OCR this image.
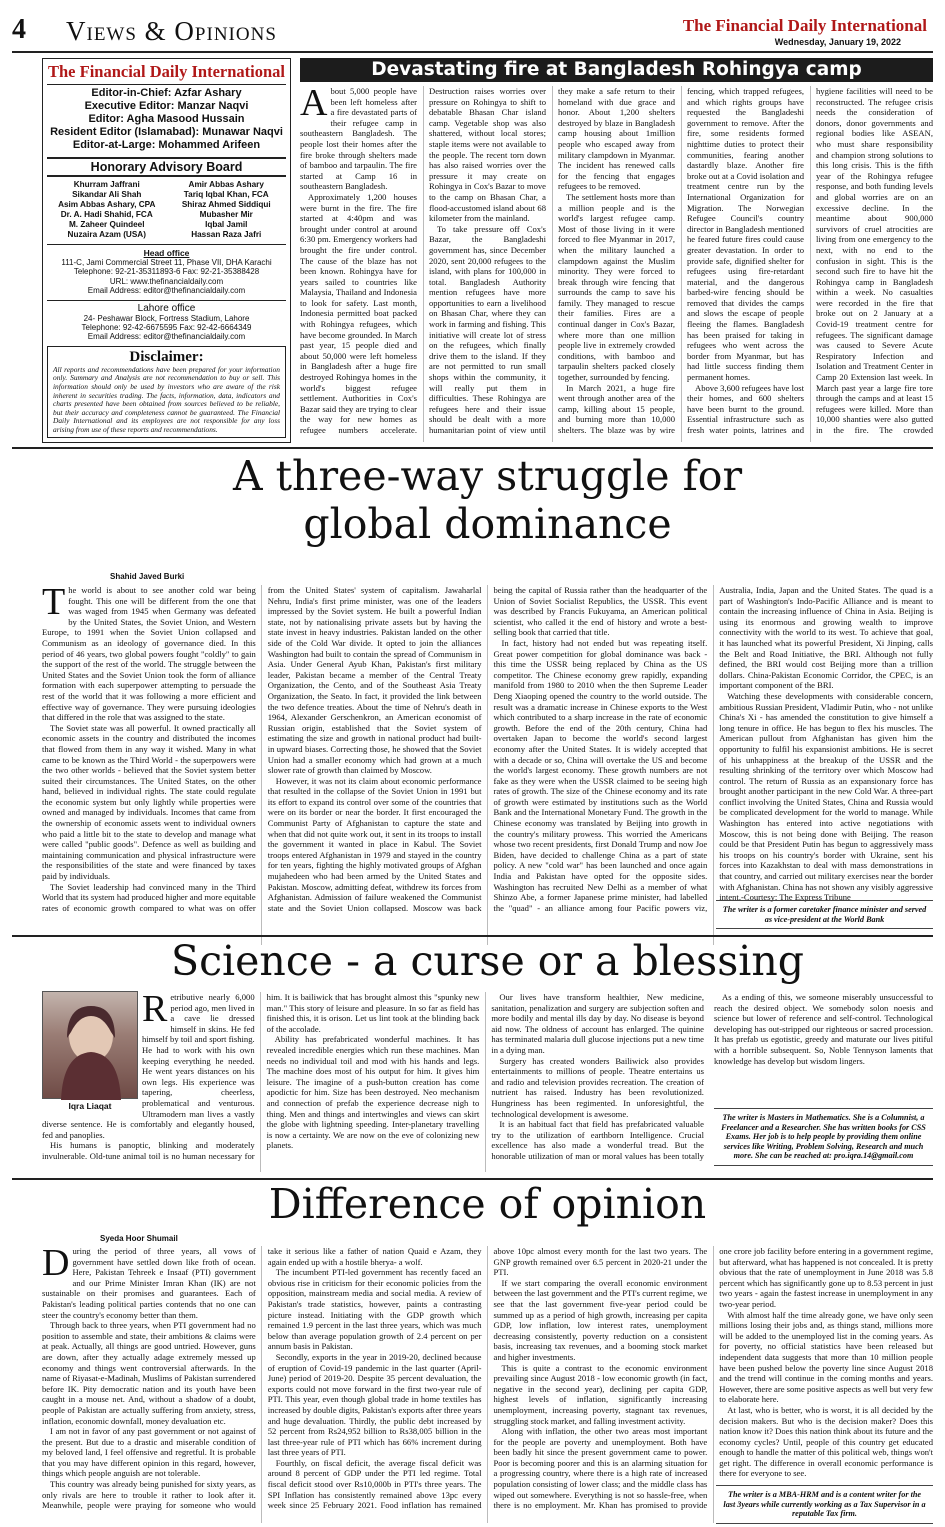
4 Views & Opinions	The Financial Daily International
Wednesday, January 19, 2022
The Financial Daily International
Editor-in-Chief: Azfar Ashary
Executive Editor: Manzar Naqvi
Editor: Agha Masood Hussain
Resident Editor (Islamabad): Munawar Naqvi
Editor-at-Large: Mohammed Arifeen
Honorary Advisory Board
Khurram Jaffrani
Sikandar Ali Shah
Asim Abbas Ashary, CPA
Dr. A. Hadi Shahid, FCA
M. Zaheer Quindeel
Nuzaira Azam (USA)
Amir Abbas Ashary
Tariq Iqbal Khan, FCA
Shiraz Ahmed Siddiqui
Mubasher Mir
Iqbal Jamil
Hassan Raza Jafri
Head office
111-C, Jami Commercial Street 11, Phase VII, DHA Karachi
Telephone: 92-21-35311893-6 Fax: 92-21-35388428
URL: www.thefinancialdaily.com
Email Address: editor@thefinancialdaily.com
Lahore office
24- Peshawar Block, Fortress Stadium, Lahore
Telephone: 92-42-6675595 Fax: 92-42-6664349
Email Address: editor@thefinancialdaily.com
Disclaimer:
All reports and recommendations have been prepared for your information only. Summary and Analysis are not recommendation to buy or sell. This information should only be used by investors who are aware of the risk inherent in securities trading. The facts, information, data, indicators and charts presented have been obtained from sources believed to be reliable, but their accuracy and completeness cannot be guaranteed. The Financial Daily International and its employees are not responsible for any loss arising from use of these reports and recommendations.
Devastating fire at Bangladesh Rohingya camp
A bout 5,000 people have been left homeless after a fire devastated parts of their refugee camp in southeastern Bangladesh. The people lost their homes after the fire broke through shelters made of bamboo and tarpaulin. The fire started at Camp 16 in southeastern Bangladesh.

Approximately 1,200 houses were burnt in the fire. The fire started at 4:40pm and was brought under control at around 6:30 pm. Emergency workers had brought the fire under control. The cause of the blaze has not been known. Rohingya have for years sailed to countries like Malaysia, Thailand and Indonesia to look for safety. Last month, Indonesia permitted boat packed with Rohingya refugees, which have become grounded. In March past year, 15 people died and about 50,000 were left homeless in Bangladesh after a huge fire destroyed Rohingya homes in the world's biggest refugee settlement. Authorities in Cox's Bazar said they are trying to clear the way for new homes as refugee numbers accelerate. Destruction raises worries over pressure on Rohingya to shift to debatable Bhasan Char island camp. Vegetable shop was also shattered, without local stores; staple items were not available to the people. The recent torn down has also raised worries over the pressure it may create on Rohingya in Cox's Bazar to move to the camp on Bhasan Char, a flood-accustomed island about 68 kilometer from the mainland.

To take pressure off Cox's Bazar, the Bangladeshi government has, since December 2020, sent 20,000 refugees to the island, with plans for 100,000 in total. Bangladesh Authority mention refugees have more opportunities to earn a livelihood on Bhasan Char, where they can work in farming and fishing. This initiative will create lot of stress on the refugees, which finally drive them to the island. If they are not permitted to run small shops within the community, it will really put them in difficulties. These Rohingya are refugees here and their issue should be dealt with a more humanitarian point of view until they make a safe return to their homeland with due grace and honor. About 1,200 shelters destroyed by blaze in Bangladesh camp housing about 1million people who escaped away from military clampdown in Myanmar. The incident has renewed calls for the fencing that engages refugees to be removed.

The settlement hosts more than a million people and is the world's largest refugee camp. Most of those living in it were forced to flee Myanmar in 2017, when the military launched a clampdown against the Muslim minority. They were forced to break through wire fencing that surrounds the camp to save his family. They managed to rescue their families. Fires are a continual danger in Cox's Bazar, where more than one million people live in extremely crowded conditions, with bamboo and tarpaulin shelters packed closely together, surrounded by fencing.

In March 2021, a huge fire went through another area of the camp, killing about 15 people, and burning more than 10,000 shelters. The blaze was by wire fencing, which trapped refugees, and which rights groups have requested the Bangladeshi government to remove. After the fire, some residents formed nighttime duties to protect their communities, fearing another dastardly blaze. Another fire broke out at a Covid isolation and treatment centre run by the International Organization for Migration. The Norwegian Refugee Council's country director in Bangladesh mentioned he feared future fires could cause greater devastation. In order to provide safe, dignified shelter for refugees using fire-retardant material, and the dangerous barbed-wire fencing should be removed that divides the camps and slows the escape of people fleeing the flames. Bangladesh has been praised for taking in refugees who went across the border from Myanmar, but has had little success finding them permanent homes.

Above 3,600 refugees have lost their homes, and 600 shelters have been burnt to the ground. Essential infrastructure such as fresh water points, latrines and hygiene facilities will need to be reconstructed. The refugee crisis needs the consideration of donors, donor governments and regional bodies like ASEAN, who must share responsibility and champion strong solutions to this long crisis. This is the fifth year of the Rohingya refugee response, and both funding levels and global worries are on an excessive decline. In the meantime about 900,000 survivors of cruel atrocities are living from one emergency to the next, with no end to the confusion in sight. This is the second such fire to have hit the Rohingya camp in Bangladesh within a week. No casualties were recorded in the fire that broke out on 2 January at a Covid-19 treatment centre for refugees. The significant damage was caused to Severe Acute Respiratory Infection and Isolation and Treatment Center in Camp 20 Extension last week. In March past year a large fire tore through the camps and at least 15 refugees were killed. More than 10,000 shanties were also gutted in the fire. The crowded

A three-way struggle for
global dominance
Shahid Javed Burki
T he world is about to see another cold war being fought. This one will be different from the one that was waged from 1945 when Germany was defeated by the United States, the Soviet Union, and Western Europe, to 1991 when the Soviet Union collapsed and Communism as an ideology of governance died. In this period of 46 years, two global powers fought "coldly" to gain the support of the rest of the world. The struggle between the United States and the Soviet Union took the form of alliance formation with each superpower attempting to persuade the rest of the world that it was following a more efficient and effective way of governance. They were pursuing ideologies that differed in the role that was assigned to the state.

The Soviet state was all powerful. It owned practically all economic assets in the country and distributed the incomes that flowed from them in any way it wished. Many in what came to be known as the Third World - the superpowers were the two other worlds - believed that the Soviet system better suited their circumstances. The United States, on the other hand, believed in individual rights. The state could regulate the economic system but only lightly while properties were owned and managed by individuals. Incomes that came from the ownership of economic assets went to individual owners who paid a little bit to the state to develop and manage what were called "public goods". Defence as well as building and maintaining communication and physical infrastructure were the responsibilities of the state and were financed by taxes paid by individuals.

The Soviet leadership had convinced many in the Third World that its system had produced higher and more equitable rates of economic growth compared to what was on offer from the United States' system of capitalism. Jawaharlal Nehru, India's first prime minister, was one of the leaders impressed by the Soviet system. He built a powerful Indian state, not by nationalising private assets but by having the state invest in heavy industries. Pakistan landed on the other side of the Cold War divide. It opted to join the alliances Washington had built to contain the spread of Communism in Asia. Under General Ayub Khan, Pakistan's first military leader, Pakistan became a member of the Central Treaty Organization, the Cento, and of the Southeast Asia Treaty Organization, the Seato. In fact, it provided the link between the two defence treaties. About the time of Nehru's death in 1964, Alexander Gerschenkron, an American economist of Russian origin, established that the Soviet system of estimating the size and growth in national product had built-in upward biases. Correcting those, he showed that the Soviet Union had a smaller economy which had grown at a much slower rate of growth than claimed by Moscow.

However, it was not its claim about economic performance that resulted in the collapse of the Soviet Union in 1991 but its effort to expand its control over some of the countries that were on its border or near the border. It first encouraged the Communist Party of Afghanistan to capture the state and when that did not quite work out, it sent in its troops to install the government it wanted in place in Kabul. The Soviet troops entered Afghanistan in 1979 and stayed in the country for ten years, fighting the highly motivated groups of Afghan mujahedeen who had been armed by the United States and Pakistan. Moscow, admitting defeat, withdrew its forces from Afghanistan. Admission of failure weakened the Communist state and the Soviet Union collapsed. Moscow was back being the capital of Russia rather than the headquarter of the Union of Soviet Socialist Republics, the USSR. This event was described by Francis Fukuyama, an American political scientist, who called it the end of history and wrote a best-selling book that carried that title.

In fact, history had not ended but was repeating itself. Great power competition for global dominance was back - this time the USSR being replaced by China as the US competitor. The Chinese economy grew rapidly, expanding manifold from 1980 to 2010 when the then Supreme Leader Deng Xiaoping opened the country to the world outside. The result was a dramatic increase in Chinese exports to the West which contributed to a sharp increase in the rate of economic growth. Before the end of the 20th century, China had overtaken Japan to become the world's second largest economy after the United States. It is widely accepted that with a decade or so, China will overtake the US and become the world's largest economy. These growth numbers are not fake as they were when the USSR claimed to be seeing high rates of growth. The size of the Chinese economy and its rate of growth were estimated by institutions such as the World Bank and the International Monetary Fund. The growth in the Chinese economy was translated by Beijing into growth in the country's military prowess. This worried the Americans whose two recent presidents, first Donald Trump and now Joe Biden, have decided to challenge China as a part of state policy. A new "cold war" has been launched and once again India and Pakistan have opted for the opposite sides. Washington has recruited New Delhi as a member of what Shinzo Abe, a former Japanese prime minister, had labelled the "quad" - an alliance among four Pacific powers viz, Australia, India, Japan and the United States. The quad is a part of Washington's Indo-Pacific Alliance and is meant to contain the increasing influence of China in Asia. Beijing is using its enormous and growing wealth to improve connectivity with the world to its west. To achieve that goal, it has launched what its powerful President, Xi Jinping, calls the Belt and Road Initiative, the BRI. Although not fully defined, the BRI would cost Beijing more than a trillion dollars. China-Pakistan Economic Corridor, the CPEC, is an important component of the BRI.

Watching these developments with considerable concern, ambitious Russian President, Vladimir Putin, who - not unlike China's Xi - has amended the constitution to give himself a long tenure in office. He has begun to flex his muscles. The American pullout from Afghanistan has given him the opportunity to fulfil his expansionist ambitions. He is secret of his unhappiness at the breakup of the USSR and the resulting shrinking of the territory over which Moscow had control. The return of Russia as an expansionary force has brought another participant in the new Cold War. A three-part conflict involving the United States, China and Russia would be complicated development for the world to manage. While Washington has entered into active negotiations with Moscow, this is not being done with Beijing. The reason could be that President Putin has begun to aggressively mass his troops on his country's border with Ukraine, sent his forces into Kazakhstan to deal with mass demonstrations in that country, and carried out military exercises near the border with Afghanistan. China has not shown any visibly aggressive intent.-Courtesy: The Express Tribune

The writer is a former caretaker finance minister and served as vice-president at the World Bank
Science - a curse or a blessing
Iqra Liaqat
R etributive nearly 6,000 period ago, men lived in a cave lie dressed himself in skins. He fed himself by toil and sport fishing. He had to work with his own keeping everything he needed. He went years distances on his own legs. His experience was tapering, cheerless, problematical and venturous. Ultramodern man lives a vastly diverse sentence. He is comfortably and elegantly housed, fed and panoplies.

His humans is panoptic, blinking and moderately invulnerable. Old-tune animal toil is no human necessary for him. It is bailiwick that has brought almost this "spunky new man." This story of leisure and pleasure. In so far as field has finished this, it is orison. Let us lint took at the blinding back of the accolade.

Ability has prefabricated wonderful machines. It has revealed incredible energies which run these machines. Man needs no individual toil and mod with his hands and legs. The machine does most of his output for him. It gives him leisure. The imagine of a push-button creation has come apodictic for him. Size has been destroyed. Neo mechanism and connection of prefab the experience decrease nigh to thing. Men and things and intertwingles and views can skirt the globe with lightning speeding. Inter-planetary travelling is now a certainty. We are now on the eve of colonizing new planets.

Our lives have transform healthier, New medicine, sanitation, penalization and surgery are subjection soften and more bodily and mental ills day by day. No disease is beyond aid now. The oldness of account has enlarged. The quinine has terminated malaria dull glucose injections put a new time in a dying man.

Surgery has created wonders Bailiwick also provides entertainments to millions of people. Theatre entertains us and radio and television provides recreation. The creation of nutrient has raised. Industry has been revolutionized. Hungriness has been regimented. In unforesightful, the technological development is awesome.

It is an habitual fact that field has prefabricated valuable try to the utilization of earthborn Intelligence. Crucial excellence has also made a wonderful tread. But the honorable utilization of man or moral values has been totally

As a ending of this, we someone miserably unsuccessful to reach the desired object. We somebody solon noesis and science but lower of reference and self-control. Technological developing has out-stripped our righteous or sacred procession. It has prefab us egotistic, greedy and maturate our lives pitiful with a horrible subsequent. So, Noble Tennyson laments that knowledge has develop but wisdom lingers.

The writer is Masters in Mathematics. She is a Columnist, a Freelancer and a Researcher. She has written books for CSS Exams. Her job is to help people by providing them online services like Writing, Problem Solving, Research and much more. She can be reached at: pro.iqra.14@gmail.com
Difference of opinion
Syeda Hoor Shumail
D uring the period of three years, all vows of government have settled down like froth of ocean. Here, Pakistan Tehreek e Insaaf (PTI) government and our Prime Minister Imran Khan (IK) are not sustainable on their promises and guarantees. Each of Pakistan's leading political parties contends that no one can steer the country's economy better than them.

Through back to three years, when PTI government had no position to assemble and state, their ambitions & claims were at peak. Actually, all things are good untried. However, guns are down, after they actually adage extremely messed up economy and things went controversial afterwards. In the name of Riyasat-e-Madinah, Muslims of Pakistan surrendered before IK. Pity democratic nation and its youth have been caught in a mouse net. And, without a shadow of a doubt, people of Pakistan are actually suffering from anxiety, stress, inflation, economic downfall, money devaluation etc.

I am not in favor of any past government or not against of the present. But due to a drastic and miserable condition of my beloved land, I feel offensive and regretful. It is probable that you may have different opinion in this regard, however, things which people anguish are not tolerable.

This country was already being punished for sixty years, as only rivals are here to trouble it rather to look after it. Meanwhile, people were praying for someone who would take it serious like a father of nation Quaid e Azam, they again ended up with a hostile bherya- a wolf.

The incumbent PTI-led government has recently faced an obvious rise in criticism for their economic policies from the opposition, mainstream media and social media. A review of Pakistan's trade statistics, however, paints a contrasting picture instead. Initiating with the GDP growth which remained 1.9 percent in the last three years, which was much below than average population growth of 2.4 percent on per annum basis in Pakistan.

Secondly, exports in the year in 2019-20, declined because of eruption of Covid-19 pandemic in the last quarter (April-June) period of 2019-20. Despite 35 percent devaluation, the exports could not move forward in the first two-year rule of PTI. This year, even though global trade in home textiles has increased by double digits, Pakistan's exports after three years and huge devaluation. Thirdly, the public debt increased by 52 percent from Rs24,952 billion to Rs38,005 billion in the last three-year rule of PTI which has 66% increment during last three years of PTI.

Fourthly, on fiscal deficit, the average fiscal deficit was around 8 percent of GDP under the PTI led regime. Total fiscal deficit stood over Rs10,000b in PTI's three years. The SPI Inflation has consistently remained above 13pc every week since 25 February 2021. Food inflation has remained above 10pc almost every month for the last two years. The GNP growth remained over 6.5 percent in 2020-21 under the PTI.

If we start comparing the overall economic environment between the last government and the PTI's current regime, we see that the last government five-year period could be summed up as a period of high growth, increasing per capita GDP, low inflation, low interest rates, unemployment decreasing consistently, poverty reduction on a consistent basis, increasing tax revenues, and a booming stock market and higher investments.

This is quite a contrast to the economic environment prevailing since August 2018 - low economic growth (in fact, negative in the second year), declining per capita GDP, highest levels of inflation, significantly increasing unemployment, increasing poverty, stagnant tax revenues, struggling stock market, and falling investment activity.

Along with inflation, the other two areas most important for the people are poverty and unemployment. Both have been badly hit since the present government came to power. Poor is becoming poorer and this is an alarming situation for a progressing country, where there is a high rate of increased population consisting of lower class; and the middle class has wiped out somewhere. Everything is not so hassle-free, when there is no employment. Mr. Khan has promised to provide one crore job facility before entering in a government regime, but afterward, what has happened is not concealed. It is pretty obvious that the rate of unemployment in June 2018 was 5.8 percent which has significantly gone up to 8.53 percent in just two years - again the fastest increase in unemployment in any two-year period.

With almost half the time already gone, we have only seen millions losing their jobs and, as things stand, millions more will be added to the unemployed list in the coming years. As for poverty, no official statistics have been released but independent data suggests that more than 10 million people have been pushed below the poverty line since August 2018 and the trend will continue in the coming months and years. However, there are some positive aspects as well but very few to elaborate here.

At last, who is better, who is worst, it is all decided by the decision makers. But who is the decision maker? Does this nation know it? Does this nation think about its future and the economy cycles? Until, people of this country get educated enough to handle the matter of this political web, things won't get right. The difference in overall economic performance is there for everyone to see.

The writer is a MBA-HRM and is a content writer for the last 3years while currently working as a Tax Supervisor in a reputable Tax firm.
